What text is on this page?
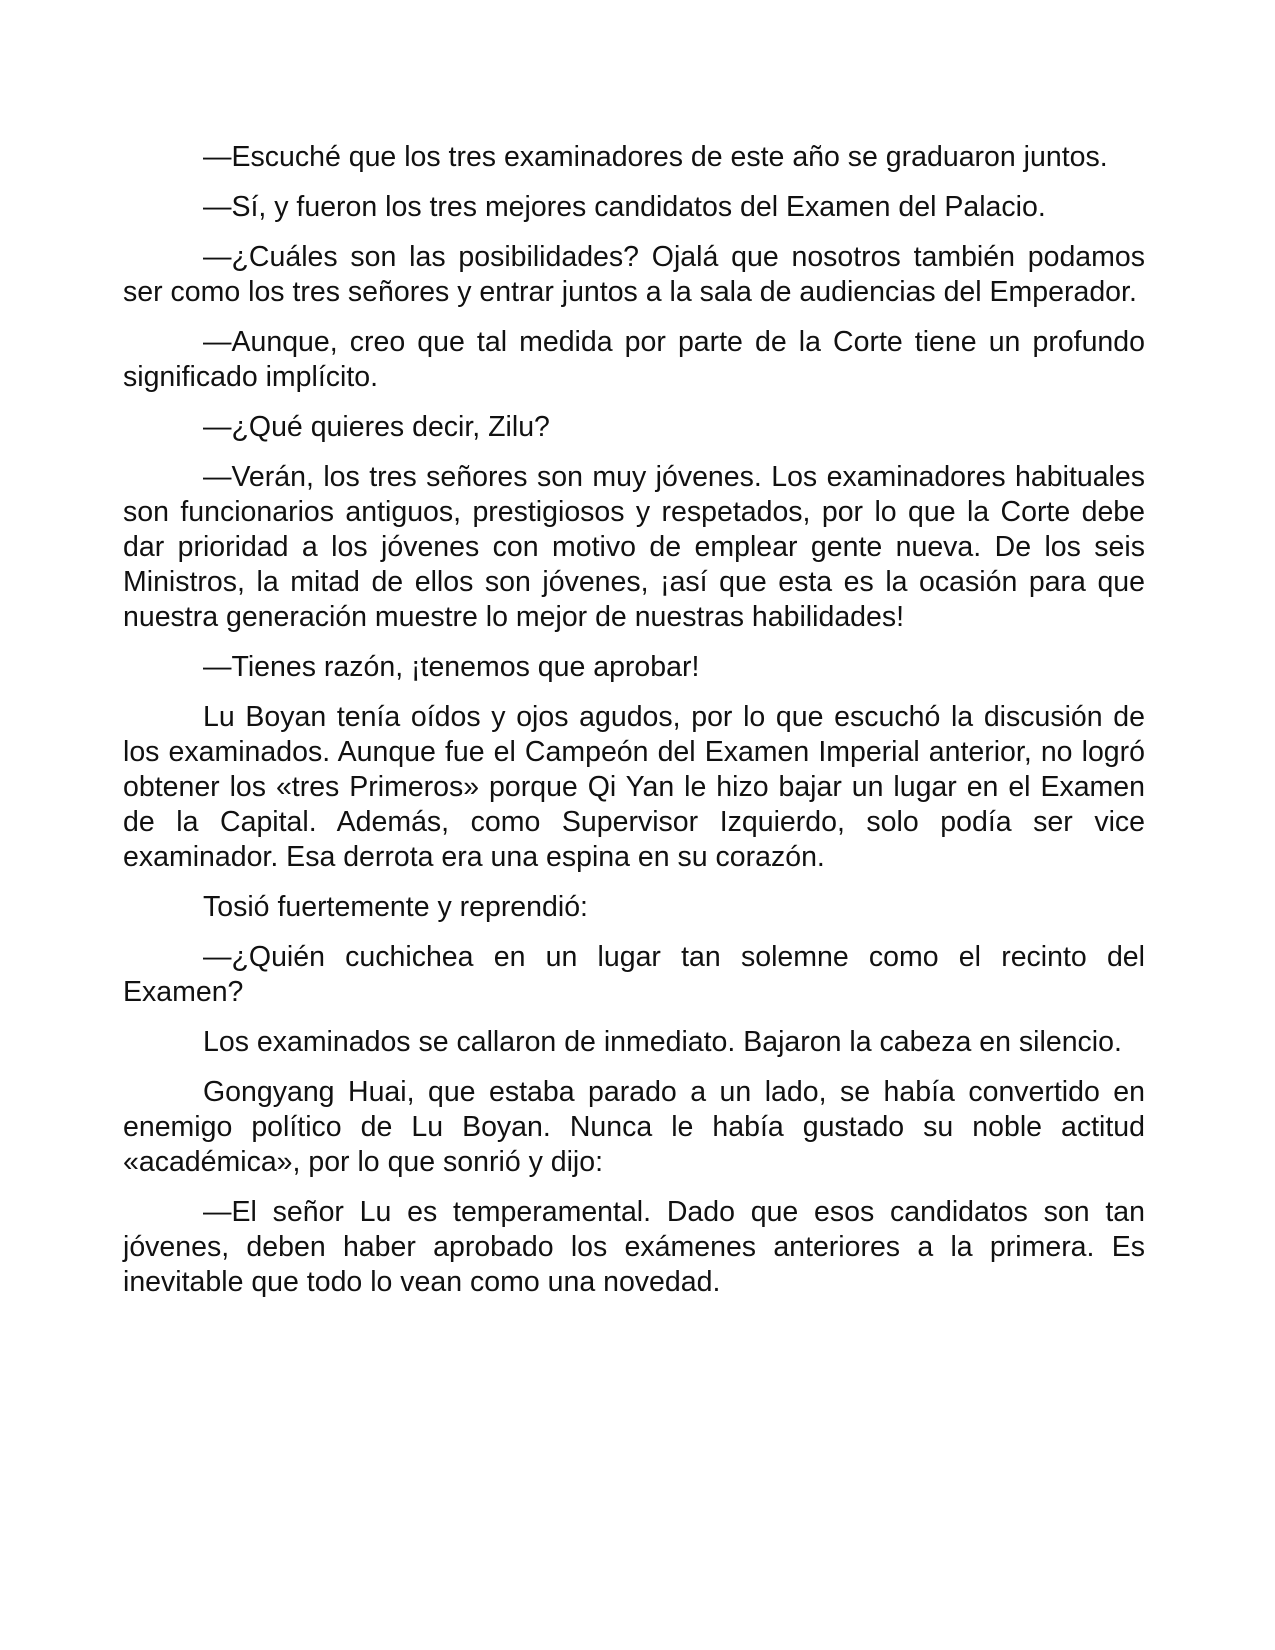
—Escuché que los tres examinadores de este año se graduaron juntos.

—Sí, y fueron los tres mejores candidatos del Examen del Palacio.

—¿Cuáles son las posibilidades? Ojalá que nosotros también podamos ser como los tres señores y entrar juntos a la sala de audiencias del Emperador.

—Aunque, creo que tal medida por parte de la Corte tiene un profundo significado implícito.

—¿Qué quieres decir, Zilu?

—Verán, los tres señores son muy jóvenes. Los examinadores habituales son funcionarios antiguos, prestigiosos y respetados, por lo que la Corte debe dar prioridad a los jóvenes con motivo de emplear gente nueva. De los seis Ministros, la mitad de ellos son jóvenes, ¡así que esta es la ocasión para que nuestra generación muestre lo mejor de nuestras habilidades!

—Tienes razón, ¡tenemos que aprobar!

Lu Boyan tenía oídos y ojos agudos, por lo que escuchó la discusión de los examinados. Aunque fue el Campeón del Examen Imperial anterior, no logró obtener los «tres Primeros» porque Qi Yan le hizo bajar un lugar en el Examen de la Capital. Además, como Supervisor Izquierdo, solo podía ser vice examinador. Esa derrota era una espina en su corazón.

Tosió fuertemente y reprendió:

—¿Quién cuchichea en un lugar tan solemne como el recinto del Examen?

Los examinados se callaron de inmediato. Bajaron la cabeza en silencio.

Gongyang Huai, que estaba parado a un lado, se había convertido en enemigo político de Lu Boyan. Nunca le había gustado su noble actitud «académica», por lo que sonrió y dijo:

—El señor Lu es temperamental. Dado que esos candidatos son tan jóvenes, deben haber aprobado los exámenes anteriores a la primera. Es inevitable que todo lo vean como una novedad.
